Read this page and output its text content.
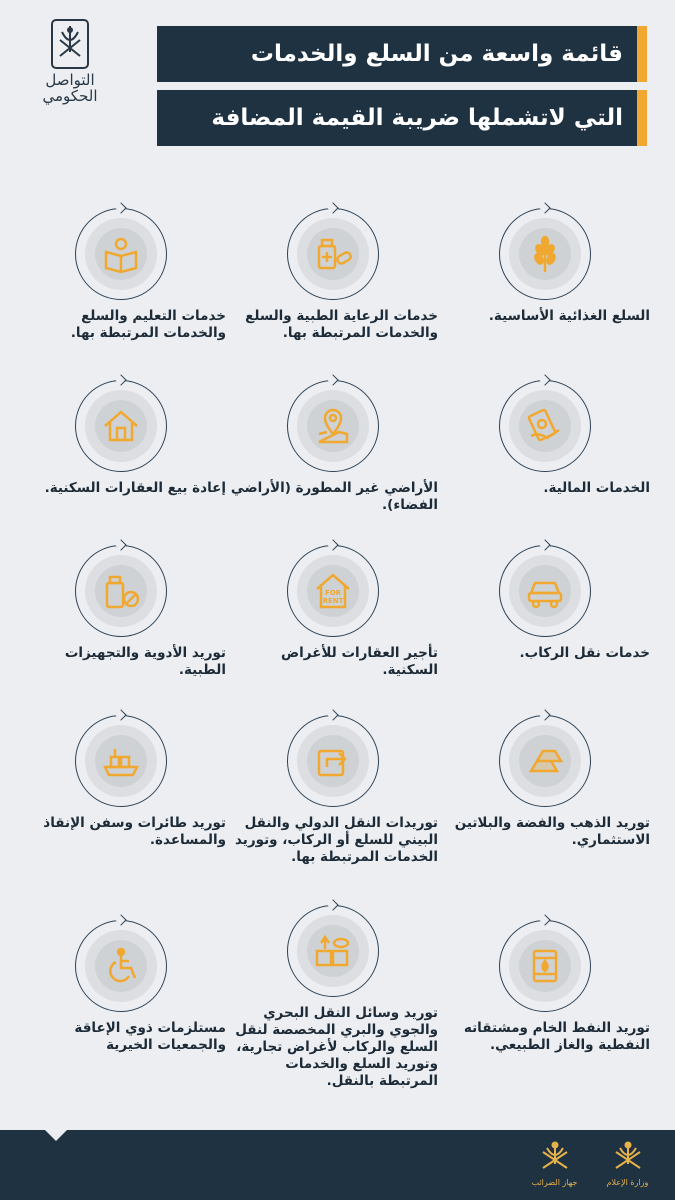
التواصل
الحكومي
قائمة واسعة من السلع والخدمات
التي لاتشملها ضريبة القيمة المضافة
السلع الغذائية الأساسية.
خدمات الرعاية الطبية والسلع والخدمات المرتبطة بها.
خدمات التعليم والسلع والخدمات المرتبطة بها.
الخدمات المالية.
الأراضي غير المطورة (الأراضي الفضاء).
إعادة بيع العقارات السكنية.
خدمات نقل الركاب.
FOR
RENT
تأجير العقارات للأغراض السكنية.
توريد الأدوية والتجهيزات الطبية.
توريد الذهب والفضة والبلاتين الاستثماري.
توريدات النقل الدولي والنقل البيني للسلع أو الركاب، وتوريد الخدمات المرتبطة بها.
توريد طائرات وسفن الإنقاذ والمساعدة.
توريد النفط الخام ومشتقاته النفطية والغاز الطبيعي.
توريد وسائل النقل البحري والجوي والبري المخصصة لنقل السلع والركاب لأغراض تجارية، وتوريد السلع والخدمات المرتبطة بالنقل.
مستلزمات ذوي الإعاقة والجمعيات الخيرية
جهاز الضرائب	وزارة الإعلام
